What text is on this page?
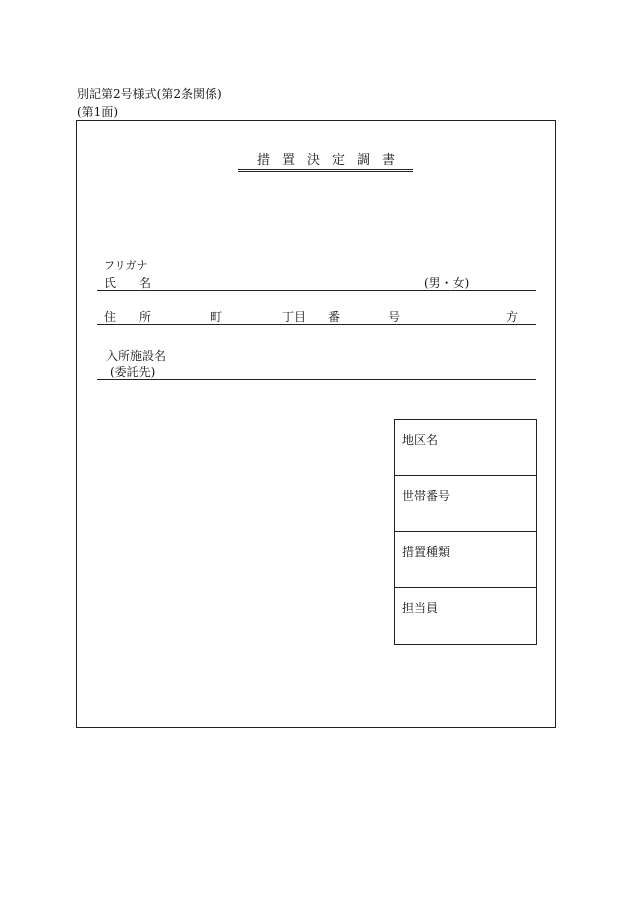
別記第2号様式(第2条関係)
(第1面)
措置決定調書
フリガナ
氏 名	(男・女)
住 所	町	丁目 番	号	方
入所施設名
(委託先)
地区名
世帯番号
措置種類
担当員
